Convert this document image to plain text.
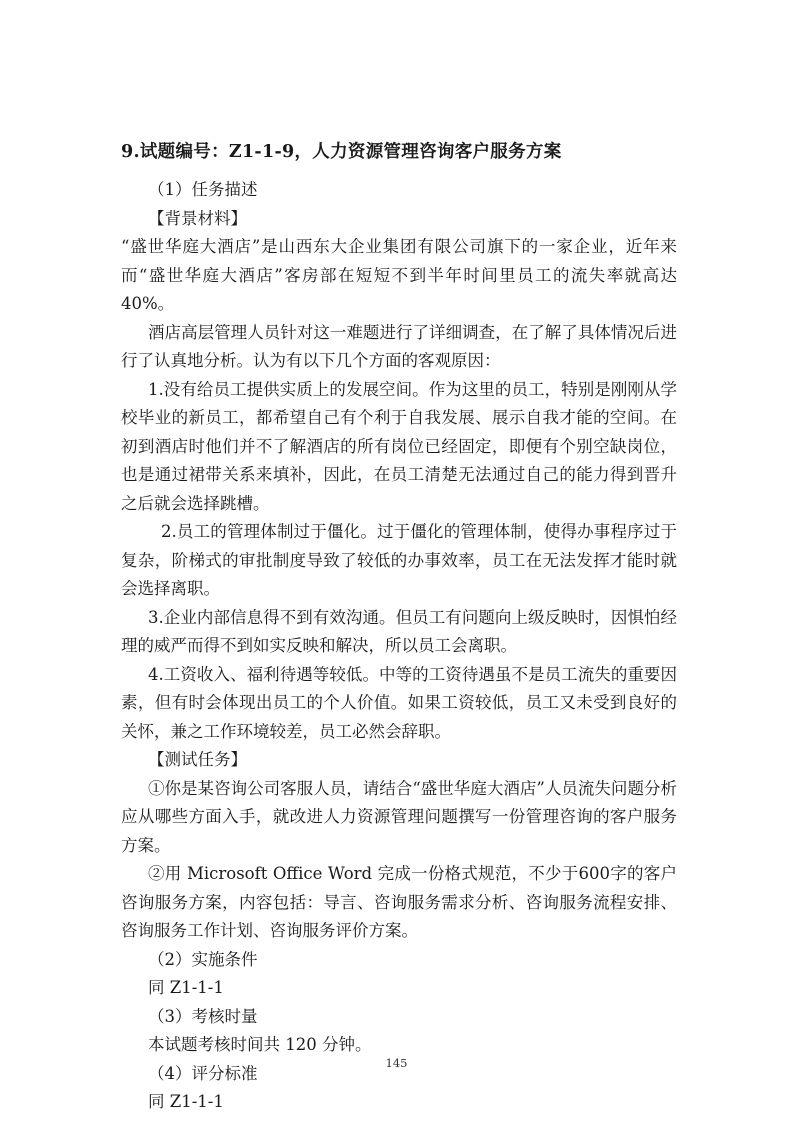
9.试题编号：Z1-1-9，人力资源管理咨询客户服务方案

（1）任务描述

【背景材料】

“盛世华庭大酒店”是山西东大企业集团有限公司旗下的一家企业，近年来而“盛世华庭大酒店”客房部在短短不到半年时间里员工的流失率就高达40%。

酒店高层管理人员针对这一难题进行了详细调查，在了解了具体情况后进行了认真地分析。认为有以下几个方面的客观原因：

1.没有给员工提供实质上的发展空间。作为这里的员工，特别是刚刚从学校毕业的新员工，都希望自己有个利于自我发展、展示自我才能的空间。在初到酒店时他们并不了解酒店的所有岗位已经固定，即便有个别空缺岗位，也是通过裙带关系来填补，因此，在员工清楚无法通过自己的能力得到晋升之后就会选择跳槽。

2.员工的管理体制过于僵化。过于僵化的管理体制，使得办事程序过于复杂，阶梯式的审批制度导致了较低的办事效率，员工在无法发挥才能时就会选择离职。

3.企业内部信息得不到有效沟通。但员工有问题向上级反映时，因惧怕经理的威严而得不到如实反映和解决，所以员工会离职。

4.工资收入、福利待遇等较低。中等的工资待遇虽不是员工流失的重要因素，但有时会体现出员工的个人价值。如果工资较低，员工又未受到良好的关怀，兼之工作环境较差，员工必然会辞职。

【测试任务】

①你是某咨询公司客服人员，请结合“盛世华庭大酒店”人员流失问题分析应从哪些方面入手，就改进人力资源管理问题撰写一份管理咨询的客户服务方案。

②用 Microsoft Office Word 完成一份格式规范，不少于600字的客户咨询服务方案，内容包括：导言、咨询服务需求分析、咨询服务流程安排、咨询服务工作计划、咨询服务评价方案。

（2）实施条件

同 Z1-1-1

（3）考核时量

本试题考核时间共 120 分钟。

（4）评分标准

同 Z1-1-1

145
